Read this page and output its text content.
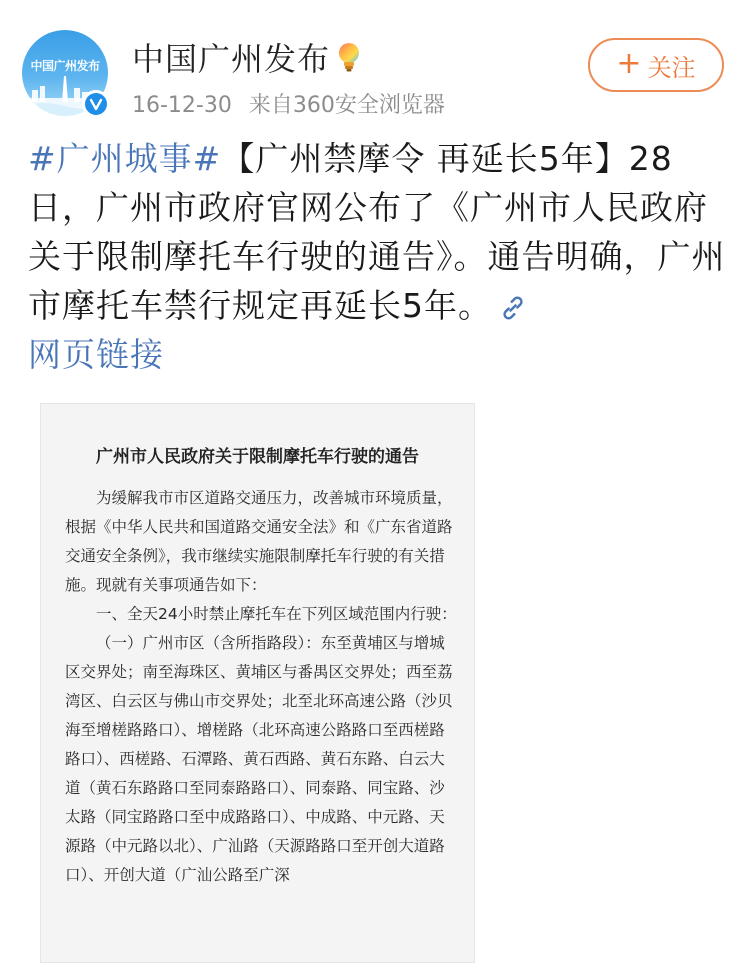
中国广州发布 中国广州发布
16-12-30 来自360安全浏览器
+ 关注
#广州城事#【广州禁摩令 再延长5年】28日，广州市政府官网公布了《广州市人民政府关于限制摩托车行驶的通告》。通告明确，广州市摩托车禁行规定再延长5年。
网页链接
广州市人民政府关于限制摩托车行驶的通告

为缓解我市市区道路交通压力，改善城市环境质量，根据《中华人民共和国道路交通安全法》和《广东省道路交通安全条例》，我市继续实施限制摩托车行驶的有关措施。现就有关事项通告如下：

一、全天24小时禁止摩托车在下列区域范围内行驶：

（一）广州市区（含所指路段）：东至黄埔区与增城区交界处；南至海珠区、黄埔区与番禺区交界处；西至荔湾区、白云区与佛山市交界处；北至北环高速公路（沙贝海至增槎路路口）、增槎路（北环高速公路路口至西槎路路口）、西槎路、石潭路、黄石西路、黄石东路、白云大道（黄石东路路口至同泰路路口）、同泰路、同宝路、沙太路（同宝路路口至中成路路口）、中成路、中元路、天源路（中元路以北）、广汕路（天源路路口至开创大道路口）、开创大道（广汕公路至广深
